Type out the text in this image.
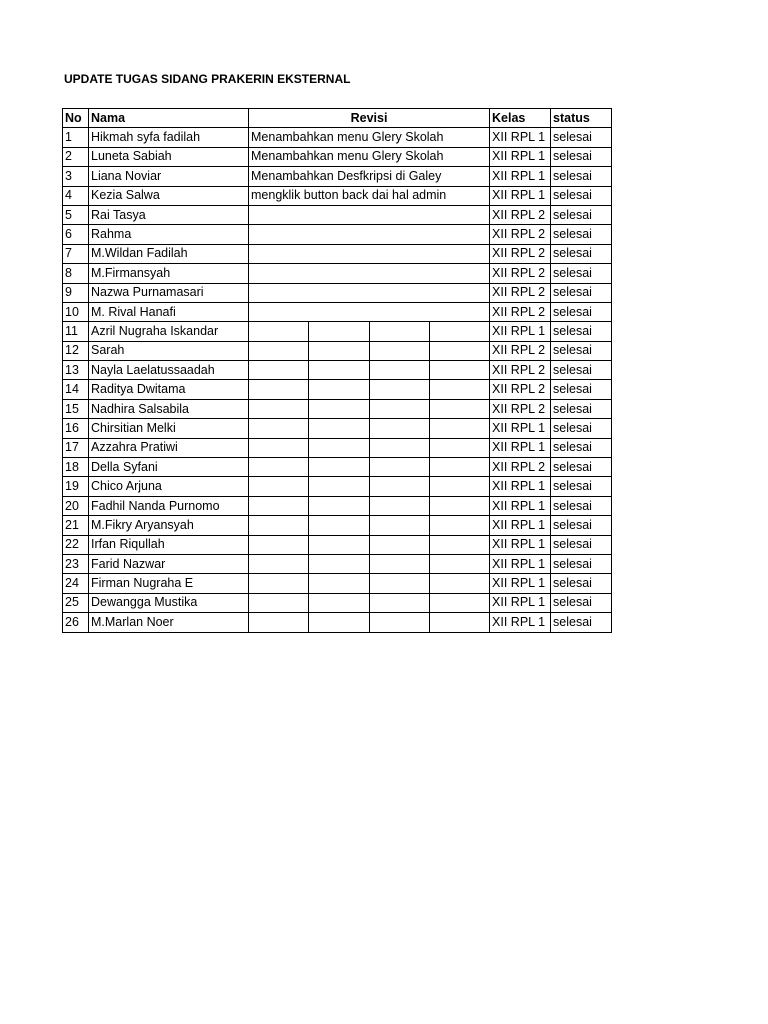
UPDATE TUGAS SIDANG PRAKERIN EKSTERNAL
No	Nama	Revisi				Kelas	status
1	Hikmah syfa fadilah	Menambahkan menu Glery Skolah				XII RPL 1	selesai
2	Luneta Sabiah	Menambahkan menu Glery Skolah				XII RPL 1	selesai
3	Liana Noviar	Menambahkan Desfkripsi di Galey				XII RPL 1	selesai
4	Kezia Salwa	mengklik button back dai hal admin				XII RPL 1	selesai
5	Rai Tasya					XII RPL 2	selesai
6	Rahma					XII RPL 2	selesai
7	M.Wildan Fadilah					XII RPL 2	selesai
8	M.Firmansyah					XII RPL 2	selesai
9	Nazwa Purnamasari					XII RPL 2	selesai
10	M. Rival Hanafi					XII RPL 2	selesai
11	Azril Nugraha Iskandar					XII RPL 1	selesai
12	Sarah					XII RPL 2	selesai
13	Nayla Laelatussaadah					XII RPL 2	selesai
14	Raditya Dwitama					XII RPL 2	selesai
15	Nadhira Salsabila					XII RPL 2	selesai
16	Chirsitian Melki					XII RPL 1	selesai
17	Azzahra Pratiwi					XII RPL 1	selesai
18	Della Syfani					XII RPL 2	selesai
19	Chico Arjuna					XII RPL 1	selesai
20	Fadhil Nanda Purnomo					XII RPL 1	selesai
21	M.Fikry Aryansyah					XII RPL 1	selesai
22	Irfan Riqullah					XII RPL 1	selesai
23	Farid Nazwar					XII RPL 1	selesai
24	Firman Nugraha E					XII RPL 1	selesai
25	Dewangga Mustika					XII RPL 1	selesai
26	M.Marlan Noer					XII RPL 1	selesai
